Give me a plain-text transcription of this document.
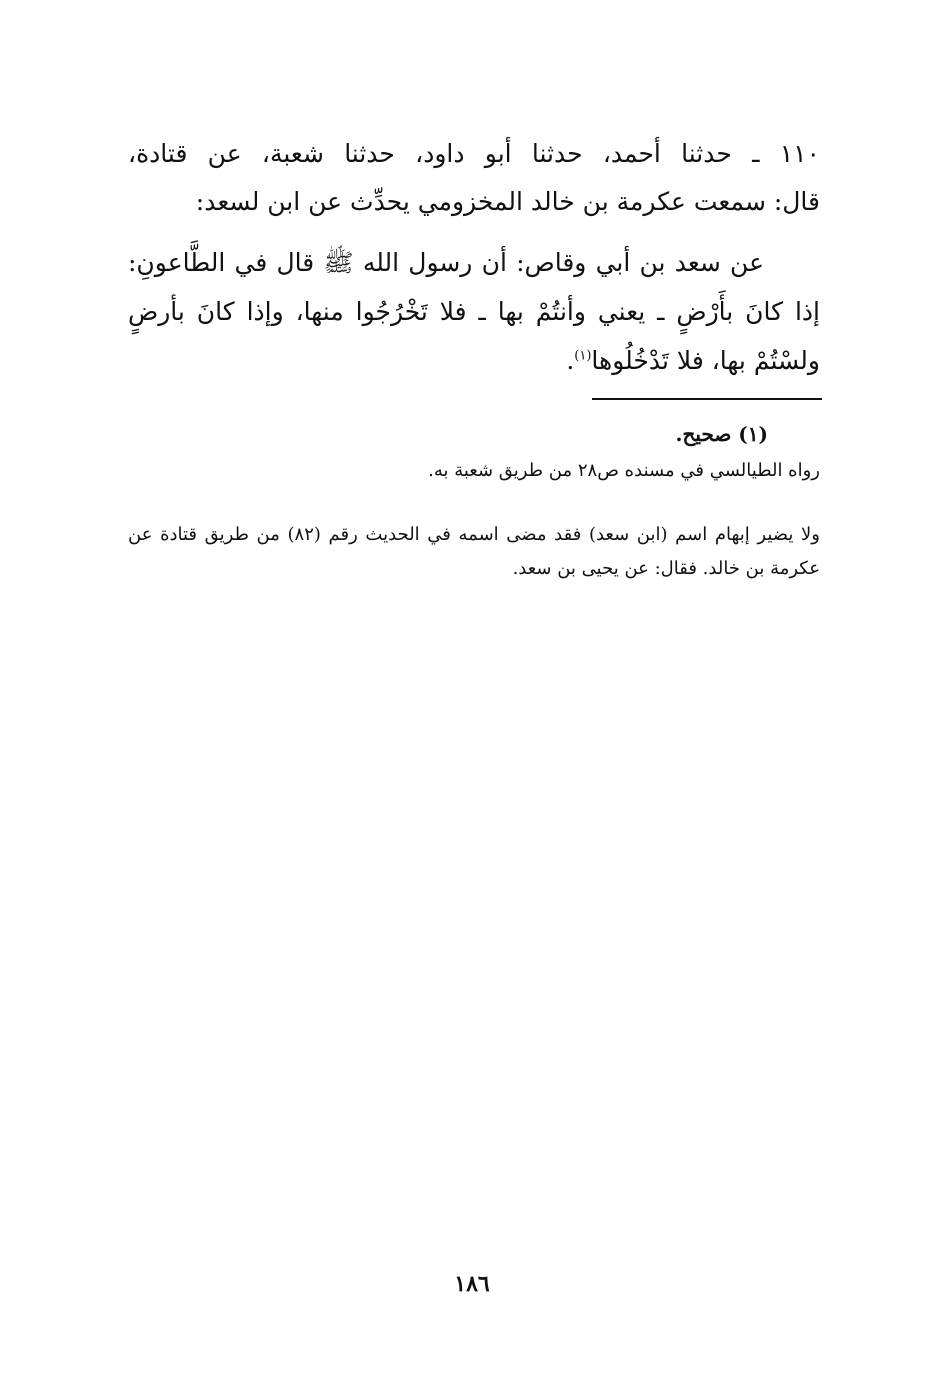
١١٠ ـ حدثنا أحمد، حدثنا أبو داود، حدثنا شعبة، عن قتادة،
قال: سمعت عكرمة بن خالد المخزومي يحدِّث عن ابن لسعد:
عن سعد بن أبي وقاص: أن رسول الله ﷺ قال في الطَّاعونِ: إذا كانَ بأَرْضٍ ـ يعني وأنتُمْ بها ـ فلا تَخْرُجُوا منها، وإذا كانَ بأرضٍ ولسْتُمْ بها، فلا تَدْخُلُوها$^{(١)}$.
(١) صحيح.
رواه الطيالسي في مسنده ص٢٨ من طريق شعبة به.
ولا يضير إبهام اسم (ابن سعد) فقد مضى اسمه في الحديث رقم (٨٢) من طريق قتادة عن عكرمة بن خالد. فقال: عن يحيى بن سعد.
١٨٦
